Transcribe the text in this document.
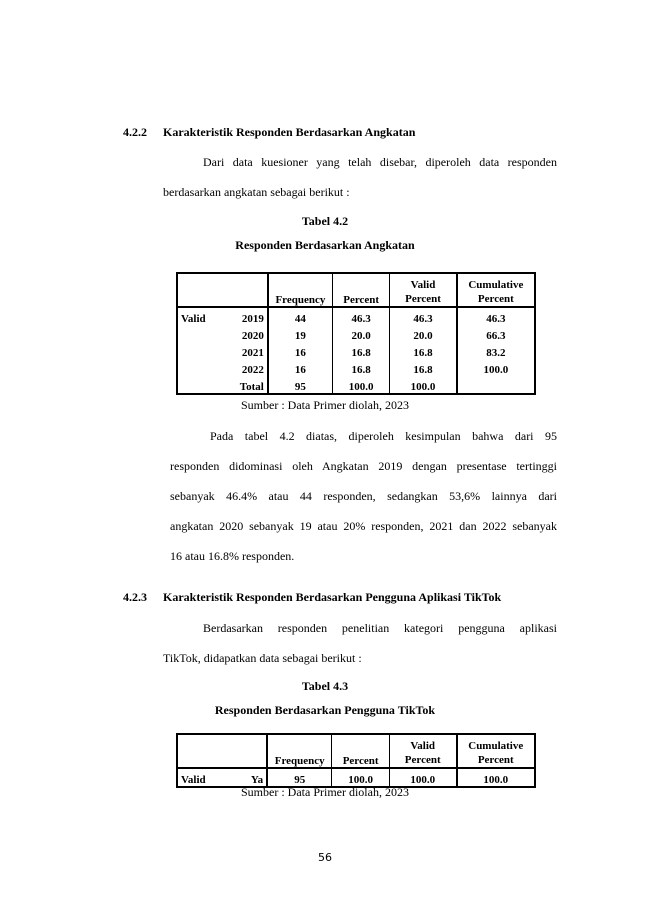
4.2.2 Karakteristik Responden Berdasarkan Angkatan

Dari data kuesioner yang telah disebar, diperoleh data responden

berdasarkan angkatan sebagai berikut :

Tabel 4.2
Responden Berdasarkan Angkatan
		Frequency	Percent	Valid Percent	Cumulative Percent
Valid	2019	44	46.3	46.3	46.3
	2020	19	20.0	20.0	66.3
	2021	16	16.8	16.8	83.2
	2022	16	16.8	16.8	100.0
	Total	95	100.0	100.0	
Sumber : Data Primer diolah, 2023

Pada tabel 4.2 diatas, diperoleh kesimpulan bahwa dari 95

responden didominasi oleh Angkatan 2019 dengan presentase tertinggi

sebanyak 46.4% atau 44 responden, sedangkan 53,6% lainnya dari

angkatan 2020 sebanyak 19 atau 20% responden, 2021 dan 2022 sebanyak

16 atau 16.8% responden.

4.2.3 Karakteristik Responden Berdasarkan Pengguna Aplikasi TikTok

Berdasarkan responden penelitian kategori pengguna aplikasi

TikTok, didapatkan data sebagai berikut :

Tabel 4.3
Responden Berdasarkan Pengguna TikTok
		Frequency	Percent	Valid Percent	Cumulative Percent
Valid	Ya	95	100.0	100.0	100.0
Sumber : Data Primer diolah, 2023
56
